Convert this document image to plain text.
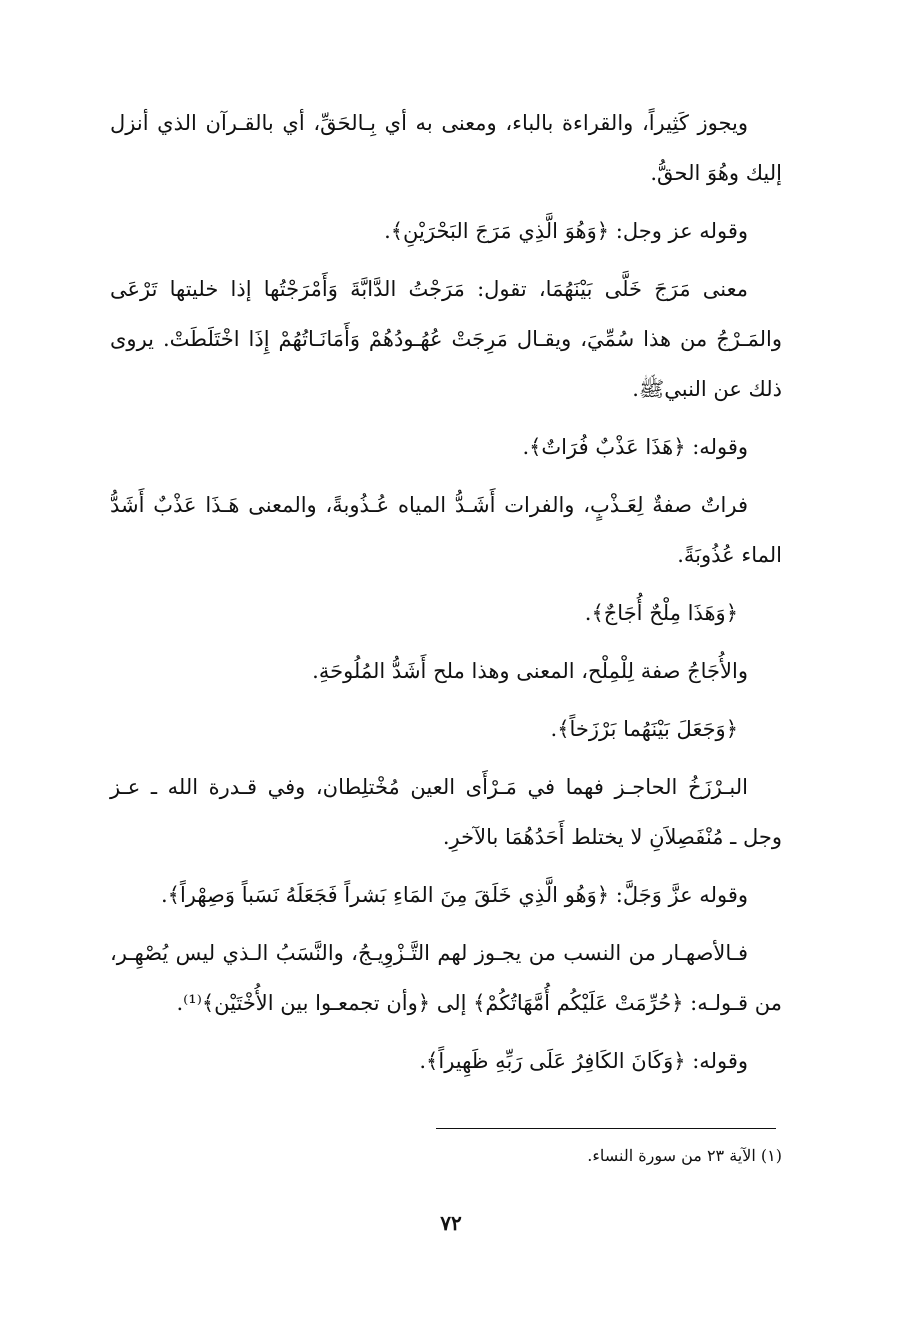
ويجوز كَثِيراً، والقراءة بالباء، ومعنى به أي بِـالحَقِّ، أي بالقـرآن الذي أنزل إليك وهُوَ الحقُّ.

وقوله عز وجل: ﴿وَهُوَ الَّذِي مَرَجَ البَحْرَيْنِ﴾.

معنى مَرَجَ خَلَّى بَيْنَهُمَا، تقول: مَرَجْتُ الدَّابَّةَ وَأَمْرَجْتُها إذا خليتها تَرْعَى والمَـرْجُ من هذا سُمِّيَ، ويقـال مَرِجَتْ عُهُـودُهُمْ وَأَمَانَـاتُهُمْ إِذَا اخْتَلَطَتْ. يروى ذلك عن النبيﷺ.

وقوله: ﴿هَذَا عَذْبٌ فُرَاتٌ﴾.

فراتٌ صفةٌ لِعَـذْبٍ، والفرات أَشَـدُّ المياه عُـذُوبةً، والمعنى هَـذَا عَذْبٌ أَشَدُّ الماء عُذُوبَةً.

﴿وَهَذَا مِلْحٌ أُجَاجٌ﴾.

والأُجَاجُ صفة لِلْمِلْح، المعنى وهذا ملح أَشَدُّ المُلُوحَةِ.

﴿وَجَعَلَ بَيْنَهُما بَرْزَخاً﴾.

البـرْزَخُ الحاجـز فهما في مَـرْأَى العين مُخْتلِطان، وفي قـدرة الله ـ عـز وجل ـ مُنْفَصِلاَنِ لا يختلط أَحَدُهُمَا بالآخرِ.

وقوله عزَّ وَجَلَّ: ﴿وَهُو الَّذِي خَلَقَ مِنَ المَاءِ بَشراً فَجَعَلَهُ نَسَباً وَصِهْراً﴾.

فـالأصهـار من النسب من يجـوز لهم التَّـزْوِيـجُ، والنَّسَبُ الـذي ليس يُصْهِـر، من قـولـه: ﴿حُرِّمَتْ عَلَيْكُم أُمَّهَاتُكُمْ﴾ إلى ﴿وأن تجمعـوا بين الأُخْتَيْن﴾⁽¹⁾.

وقوله: ﴿وَكَانَ الكَافِرُ عَلَى رَبِّهِ ظَهِيراً﴾.

(١) الآية ٢٣ من سورة النساء.
٧٢
